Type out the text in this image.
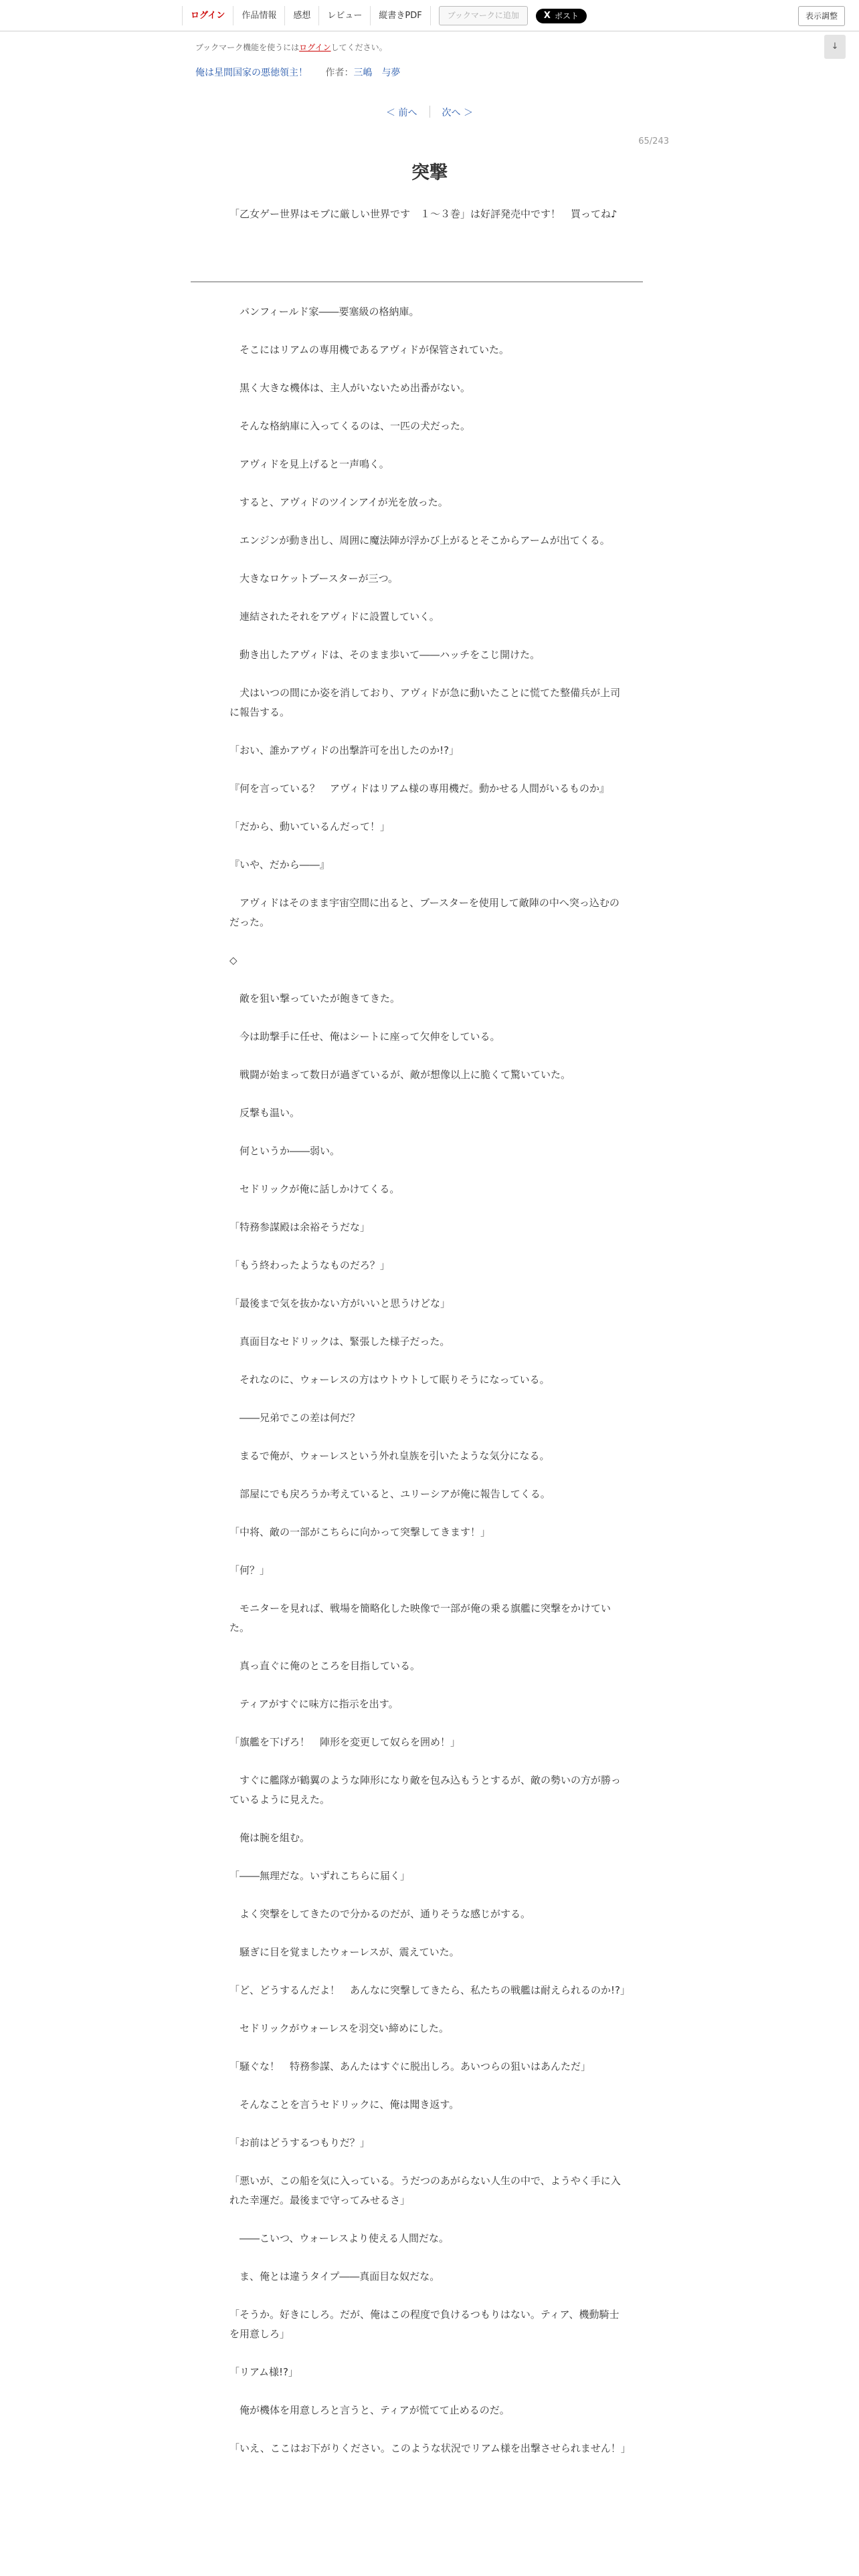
ログイン	作品情報	感想	レビュー	縦書きPDF	ブックマークに追加	X ポスト	表示調整
ブックマーク機能を使うにはログインしてください。	↓
俺は星間国家の悪徳領主！ 作者：三嶋　与夢
＜ 前へ	次へ ＞
65/243
突撃
「乙女ゲー世界はモブに厳しい世界です　１～３巻」は好評発売中です！　買ってね♪
　バンフィールド家――要塞級の格納庫。
　そこにはリアムの専用機であるアヴィドが保管されていた。
　黒く大きな機体は、主人がいないため出番がない。
　そんな格納庫に入ってくるのは、一匹の犬だった。
　アヴィドを見上げると一声鳴く。
　すると、アヴィドのツインアイが光を放った。
　エンジンが動き出し、周囲に魔法陣が浮かび上がるとそこからアームが出てくる。
　大きなロケットブースターが三つ。
　連結されたそれをアヴィドに設置していく。
　動き出したアヴィドは、そのまま歩いて――ハッチをこじ開けた。
　犬はいつの間にか姿を消しており、アヴィドが急に動いたことに慌てた整備兵が上司に報告する。
「おい、誰かアヴィドの出撃許可を出したのか!?」
『何を言っている？　アヴィドはリアム様の専用機だ。動かせる人間がいるものか』
「だから、動いているんだって！」
『いや、だから――』
　アヴィドはそのまま宇宙空間に出ると、ブースターを使用して敵陣の中へ突っ込むのだった。
◇
　敵を狙い撃っていたが飽きてきた。
　今は助撃手に任せ、俺はシートに座って欠伸をしている。
　戦闘が始まって数日が過ぎているが、敵が想像以上に脆くて驚いていた。
　反撃も温い。
　何というか――弱い。
　セドリックが俺に話しかけてくる。
「特務参謀殿は余裕そうだな」
「もう終わったようなものだろ？」
「最後まで気を抜かない方がいいと思うけどな」
　真面目なセドリックは、緊張した様子だった。
　それなのに、ウォーレスの方はウトウトして眠りそうになっている。
　――兄弟でこの差は何だ？
　まるで俺が、ウォーレスという外れ皇族を引いたような気分になる。
　部屋にでも戻ろうか考えていると、ユリーシアが俺に報告してくる。
「中将、敵の一部がこちらに向かって突撃してきます！」
「何？」
　モニターを見れば、戦場を簡略化した映像で一部が俺の乗る旗艦に突撃をかけていた。
　真っ直ぐに俺のところを目指している。
　ティアがすぐに味方に指示を出す。
「旗艦を下げろ！　陣形を変更して奴らを囲め！」
　すぐに艦隊が鶴翼のような陣形になり敵を包み込もうとするが、敵の勢いの方が勝っているように見えた。
　俺は腕を組む。
「――無理だな。いずれこちらに届く」
　よく突撃をしてきたので分かるのだが、通りそうな感じがする。
　騒ぎに目を覚ましたウォーレスが、震えていた。
「ど、どうするんだよ！　あんなに突撃してきたら、私たちの戦艦は耐えられるのか!?」
　セドリックがウォーレスを羽交い締めにした。
「騒ぐな！　特務参謀、あんたはすぐに脱出しろ。あいつらの狙いはあんただ」
　そんなことを言うセドリックに、俺は聞き返す。
「お前はどうするつもりだ？」
「悪いが、この船を気に入っている。うだつのあがらない人生の中で、ようやく手に入れた幸運だ。最後まで守ってみせるさ」
　――こいつ、ウォーレスより使える人間だな。
　ま、俺とは違うタイプ――真面目な奴だな。
「そうか。好きにしろ。だが、俺はこの程度で負けるつもりはない。ティア、機動騎士を用意しろ」
「リアム様!?」
　俺が機体を用意しろと言うと、ティアが慌てて止めるのだ。
「いえ、ここはお下がりください。このような状況でリアム様を出撃させられません！」
